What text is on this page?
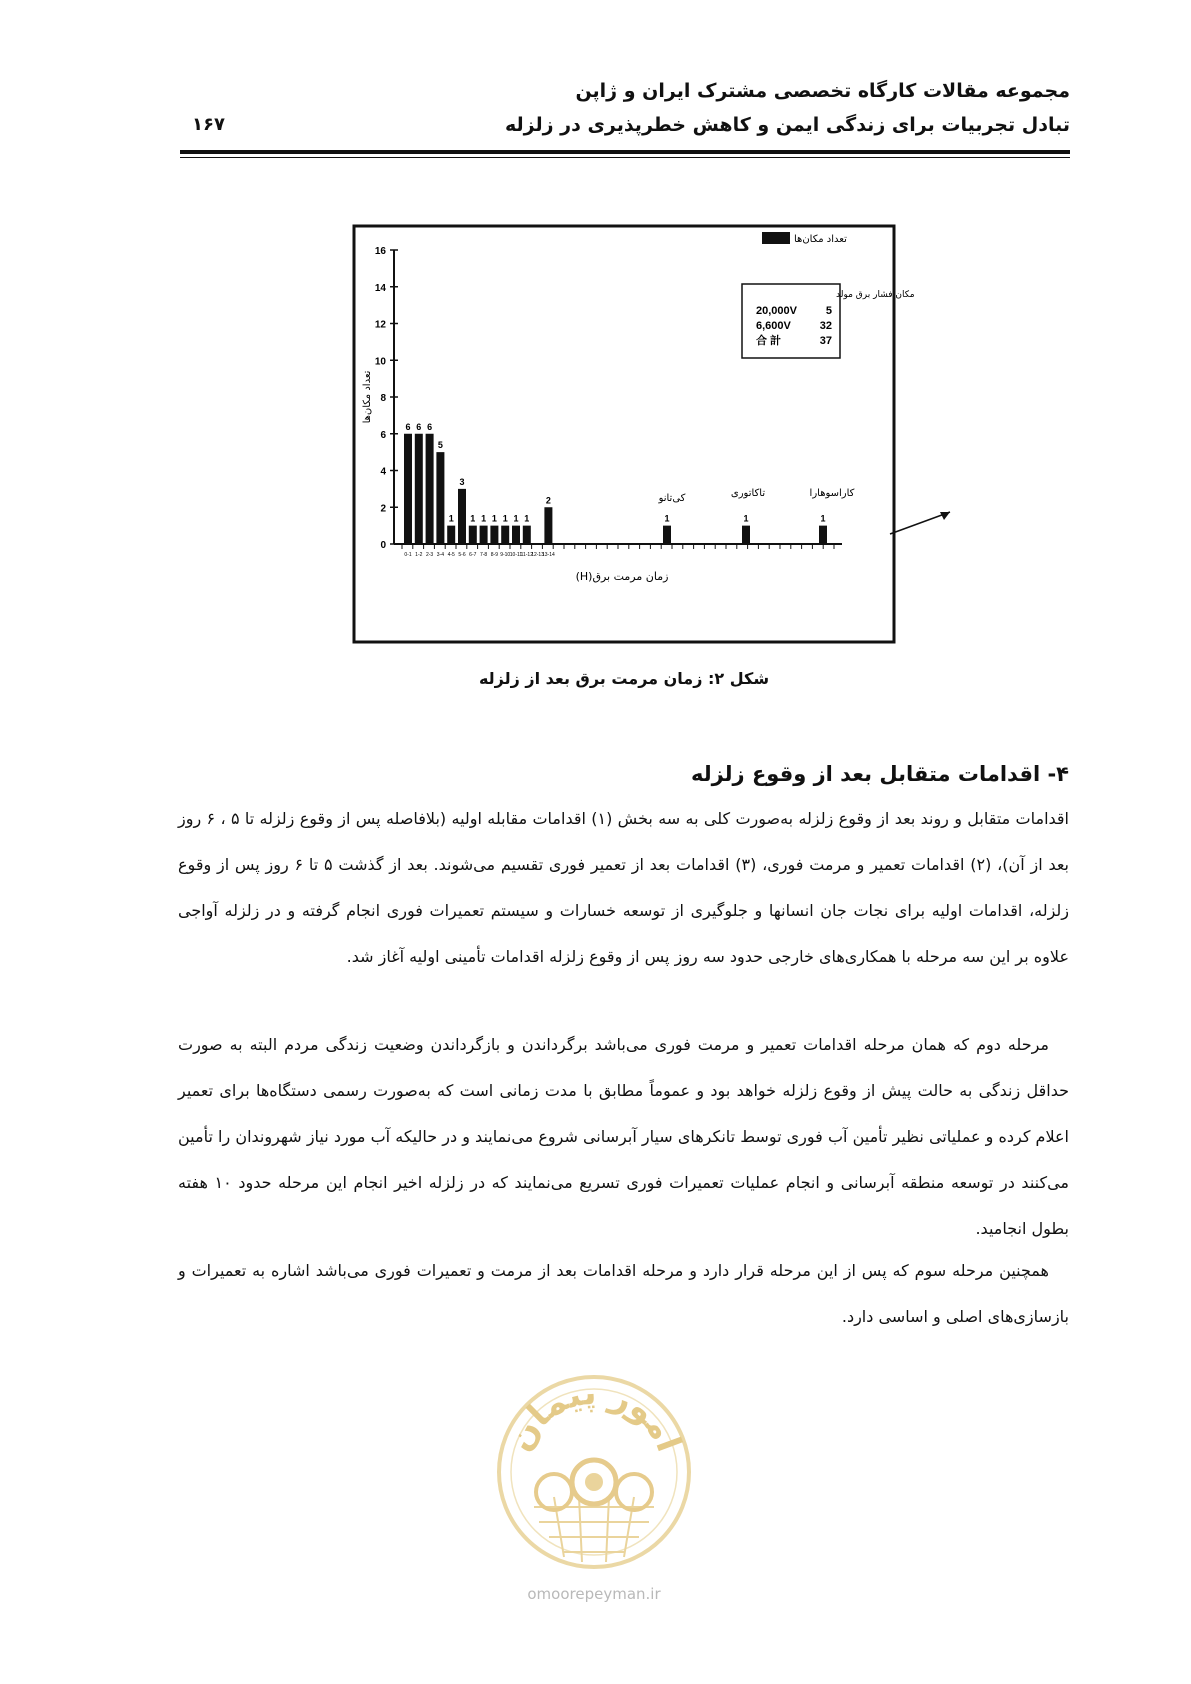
مجموعه مقالات کارگاه تخصصی مشترک ایران و ژاپن
تبادل تجربیات برای زندگی ایمن و کاهش خطرپذیری در زلزله
۱۶۷
0
2
4
6
8
10
12
14
16
تعداد مکان‌ها
6 6 6
5
1
3
1 1 1 1 1 1
2
1	1	1
0-1 1-2 2-3 3-4 4-5 5-6 6-7 7-8 8-9 9-10 10-11
11-12
12-13
13-14
زمان مرمت برق(H)
تعداد مکان‌ها
مکان فشار برق مولد
20,000V	5
6,600V	32
合 計	37
کی‌تانو	تاکاتوری	کاراسوهارا
شکل ۲: زمان مرمت برق بعد از زلزله
۴- اقدامات متقابل بعد از وقوع زلزله

اقدامات متقابل و روند بعد از وقوع زلزله به‌صورت کلی به سه بخش (۱) اقدامات مقابله اولیه (بلافاصله پس از وقوع زلزله تا ۵ ، ۶ روز بعد از آن)، (۲) اقدامات تعمیر و مرمت فوری، (۳) اقدامات بعد از تعمیر فوری تقسیم می‌شوند. بعد از گذشت ۵ تا ۶ روز پس از وقوع زلزله، اقدامات اولیه برای نجات جان انسانها و جلوگیری از توسعه خسارات و سیستم تعمیرات فوری انجام گرفته و در زلزله آواجی علاوه بر این سه مرحله با همکاری‌های خارجی حدود سه روز پس از وقوع زلزله اقدامات تأمینی اولیه آغاز شد.

مرحله دوم که همان مرحله اقدامات تعمیر و مرمت فوری می‌باشد برگرداندن و بازگرداندن وضعیت زندگی مردم البته به صورت حداقل زندگی به حالت پیش از وقوع زلزله خواهد بود و عموماً مطابق با مدت زمانی است که به‌صورت رسمی دستگاه‌ها برای تعمیر اعلام کرده و عملیاتی نظیر تأمین آب فوری توسط تانکرهای سیار آبرسانی شروع می‌نمایند و در حالیکه آب مورد نیاز شهروندان را تأمین می‌کنند در توسعه منطقه آبرسانی و انجام عملیات تعمیرات فوری تسریع می‌نمایند که در زلزله اخیر انجام این مرحله حدود ۱۰ هفته بطول انجامید.

همچنین مرحله سوم که پس از این مرحله قرار دارد و مرحله اقدامات بعد از مرمت و تعمیرات فوری می‌باشد اشاره به تعمیرات و بازسازی‌های اصلی و اساسی دارد.

امور پیمان
omoorepeyman.ir
